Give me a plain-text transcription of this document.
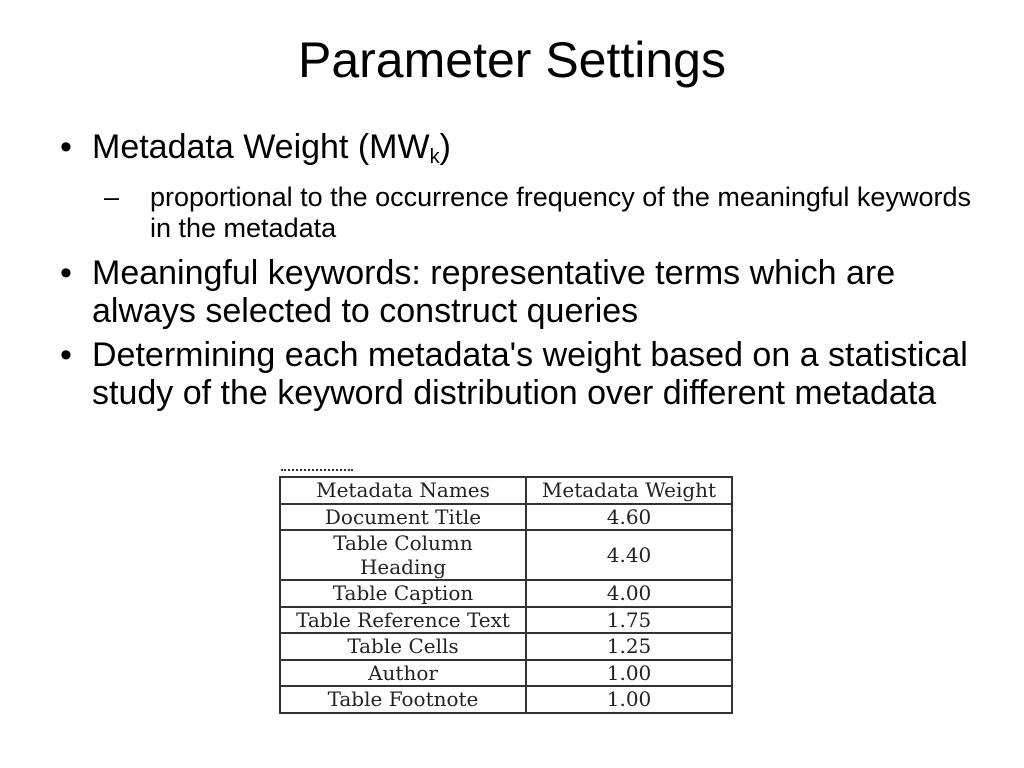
Parameter Settings
• Metadata Weight $(MW_k)$
– proportional to the occurrence frequency of the meaningful keywords in the metadata
• Meaningful keywords: representative terms which are always selected to construct queries
• Determining each metadata's weight based on a statistical study of the keyword distribution over different metadata
Metadata Names	Metadata Weight
Document Title	4.60
Table Column Heading	4.40
Table Caption	4.00
Table Reference Text	1.75
Table Cells	1.25
Author	1.00
Table Footnote	1.00
